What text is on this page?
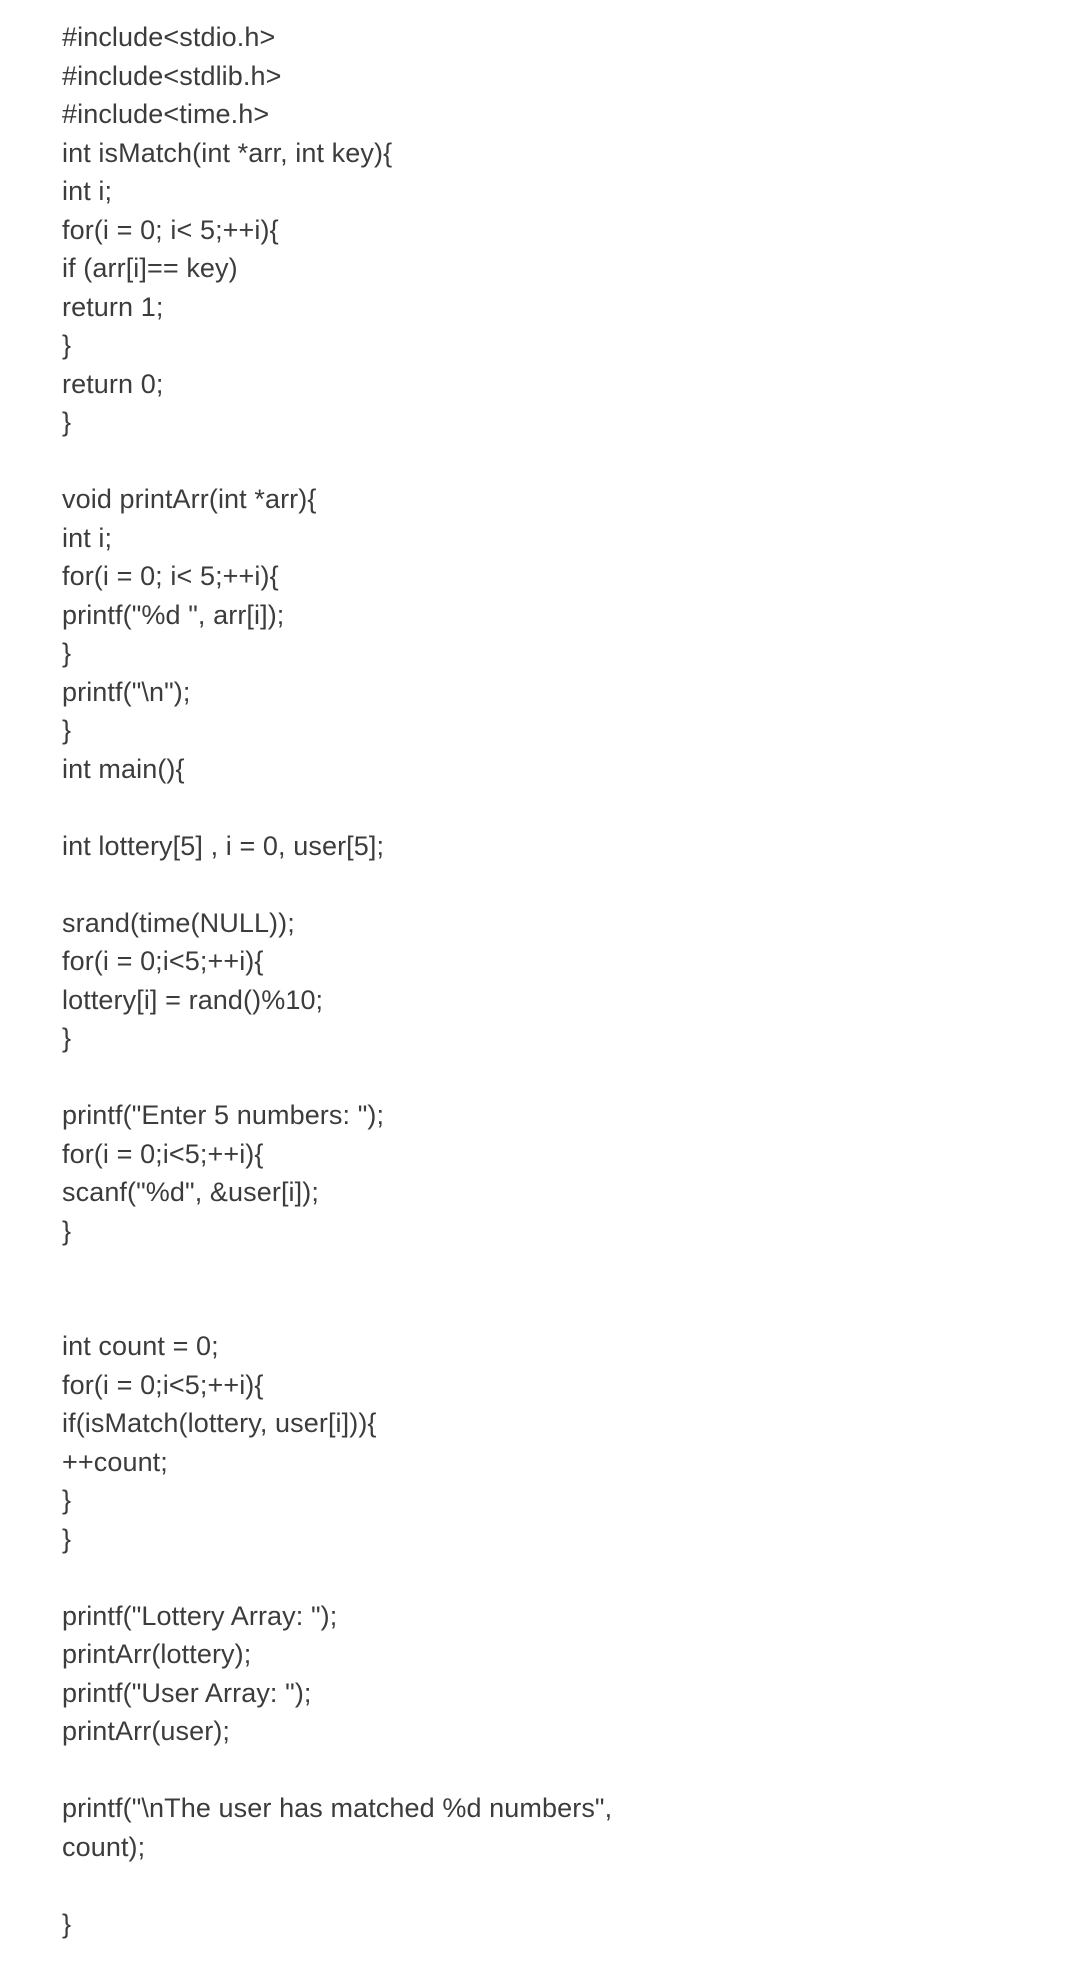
#include<stdio.h>
#include<stdlib.h>
#include<time.h>
int isMatch(int *arr, int key){
int i;
for(i = 0; i< 5;++i){
if (arr[i]== key)
return 1;
}
return 0;
}

void printArr(int *arr){
int i;
for(i = 0; i< 5;++i){
printf("%d ", arr[i]);
}
printf("\n");
}
int main(){

int lottery[5] , i = 0, user[5];

srand(time(NULL));
for(i = 0;i<5;++i){
lottery[i] = rand()%10;
}

printf("Enter 5 numbers: ");
for(i = 0;i<5;++i){
scanf("%d", &user[i]);
}

int count = 0;
for(i = 0;i<5;++i){
if(isMatch(lottery, user[i])){
++count;
}
}

printf("Lottery Array: ");
printArr(lottery);
printf("User Array: ");
printArr(user);

printf("\nThe user has matched %d numbers",
count);

}
